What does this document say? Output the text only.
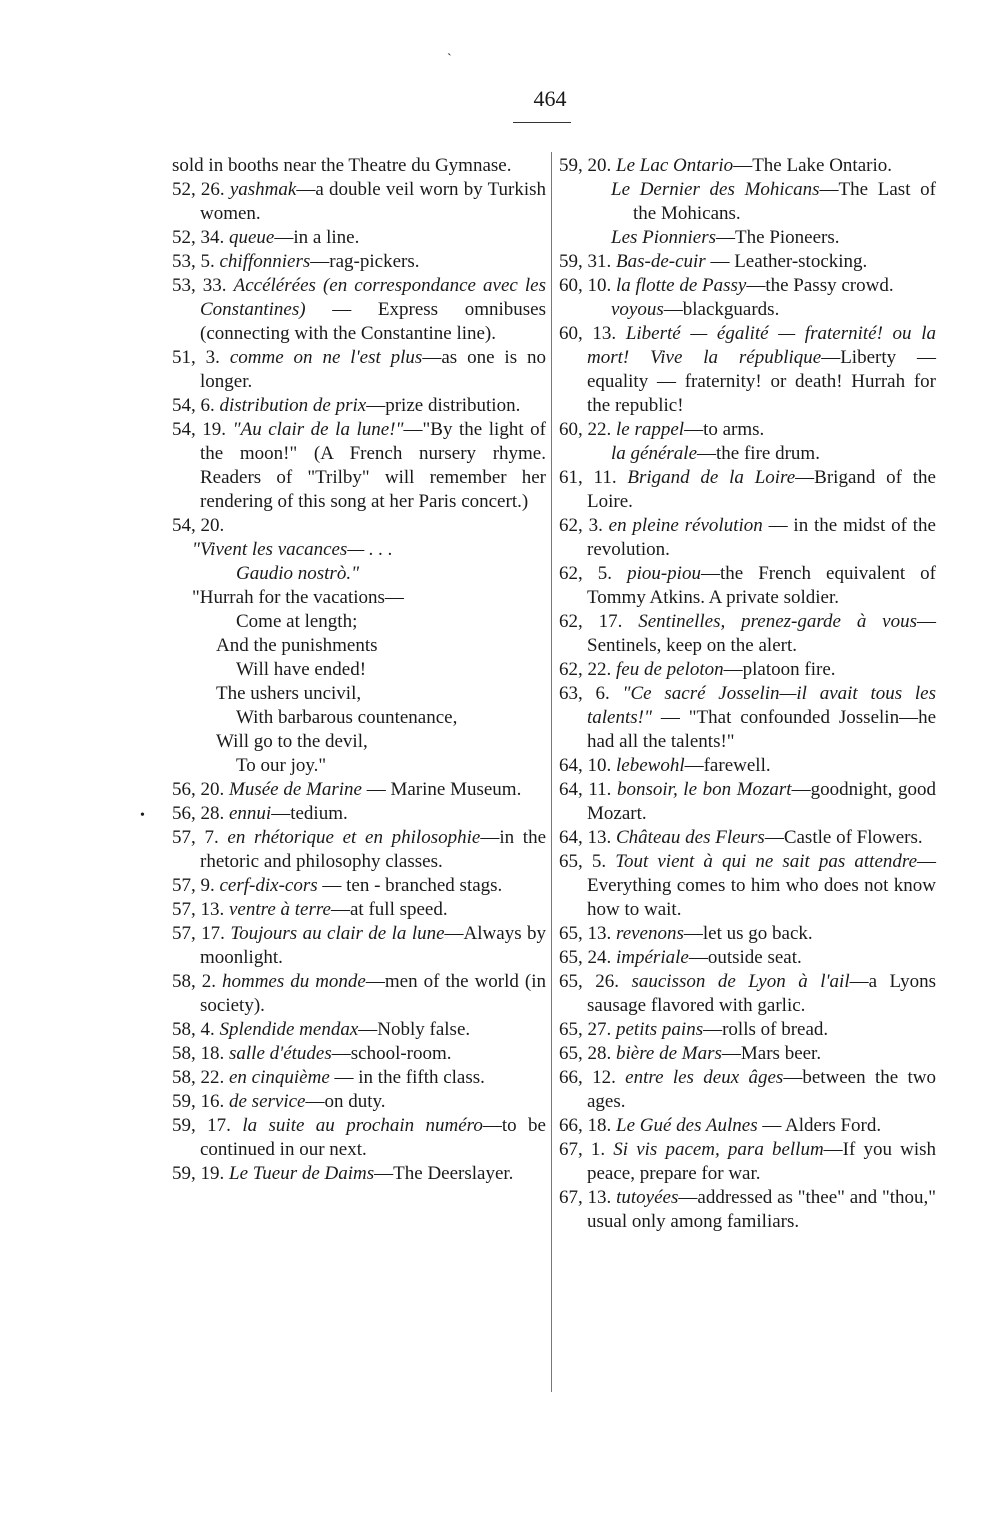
464
ˋ
•
sold in booths near the Theatre du Gymnase.
52, 26. yashmak—a double veil worn by Turkish women.
52, 34. queue—in a line.
53, 5. chiffonniers—rag-pickers.
53, 33. Accélérées (en correspondance avec les Constantines) — Express omnibuses (connecting with the Constantine line).
51, 3. comme on ne l'est plus—as one is no longer.
54, 6. distribution de prix—prize distribution.
54, 19. "Au clair de la lune!"—"By the light of the moon!" (A French nursery rhyme. Readers of "Trilby" will remember her rendering of this song at her Paris concert.)
54, 20.
"Vivent les vacances— . . .
Gaudio nostrò."
"Hurrah for the vacations—
Come at length;
And the punishments
Will have ended!
The ushers uncivil,
With barbarous countenance,
Will go to the devil,
To our joy."
56, 20. Musée de Marine — Marine Museum.
56, 28. ennui—tedium.
57, 7. en rhétorique et en philosophie—in the rhetoric and philosophy classes.
57, 9. cerf-dix-cors — ten - branched stags.
57, 13. ventre à terre—at full speed.
57, 17. Toujours au clair de la lune—Always by moonlight.
58, 2. hommes du monde—men of the world (in society).
58, 4. Splendide mendax—Nobly false.
58, 18. salle d'études—school-room.
58, 22. en cinquième — in the fifth class.
59, 16. de service—on duty.
59, 17. la suite au prochain numéro—to be continued in our next.
59, 19. Le Tueur de Daims—The Deerslayer.
59, 20. Le Lac Ontario—The Lake Ontario.
Le Dernier des Mohicans—The Last of the Mohicans.
Les Pionniers—The Pioneers.
59, 31. Bas-de-cuir — Leather-stocking.
60, 10. la flotte de Passy—the Passy crowd.
voyous—blackguards.
60, 13. Liberté — égalité — fraternité! ou la mort! Vive la république—Liberty — equality — fraternity! or death! Hurrah for the republic!
60, 22. le rappel—to arms.
la générale—the fire drum.
61, 11. Brigand de la Loire—Brigand of the Loire.
62, 3. en pleine révolution — in the midst of the revolution.
62, 5. piou-piou—the French equivalent of Tommy Atkins. A private soldier.
62, 17. Sentinelles, prenez-garde à vous—Sentinels, keep on the alert.
62, 22. feu de peloton—platoon fire.
63, 6. "Ce sacré Josselin—il avait tous les talents!" — "That confounded Josselin—he had all the talents!"
64, 10. lebewohl—farewell.
64, 11. bonsoir, le bon Mozart—goodnight, good Mozart.
64, 13. Château des Fleurs—Castle of Flowers.
65, 5. Tout vient à qui ne sait pas attendre—Everything comes to him who does not know how to wait.
65, 13. revenons—let us go back.
65, 24. impériale—outside seat.
65, 26. saucisson de Lyon à l'ail—a Lyons sausage flavored with garlic.
65, 27. petits pains—rolls of bread.
65, 28. bière de Mars—Mars beer.
66, 12. entre les deux âges—between the two ages.
66, 18. Le Gué des Aulnes — Alders Ford.
67, 1. Si vis pacem, para bellum—If you wish peace, prepare for war.
67, 13. tutoyées—addressed as "thee" and "thou," usual only among familiars.
